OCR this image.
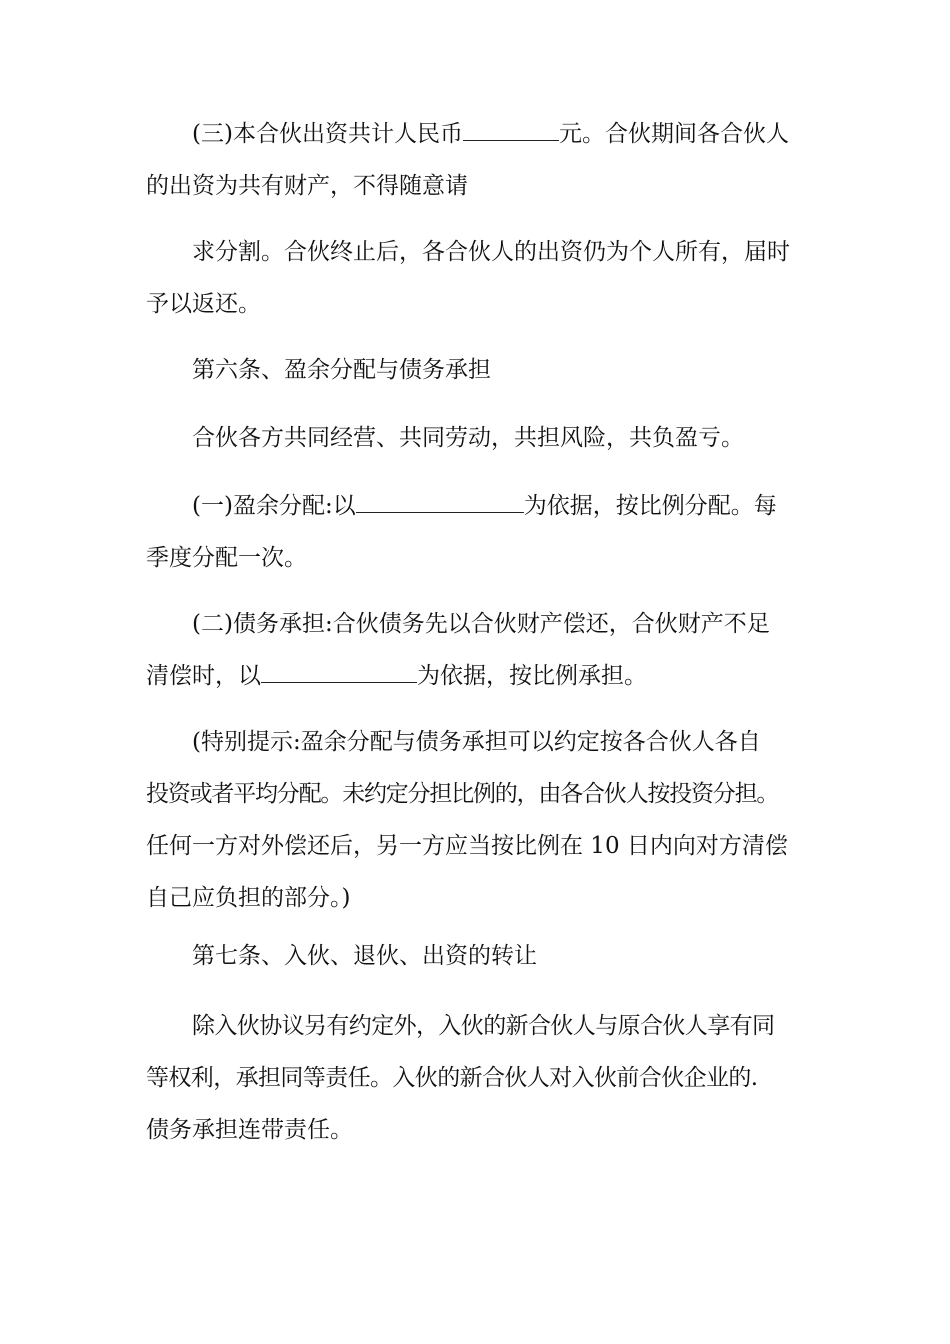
(三)本合伙出资共计人民币	元。合伙期间各合伙人
的出资为共有财产，不得随意请
求分割。合伙终止后，各合伙人的出资仍为个人所有，届时
予以返还。
第六条、盈余分配与债务承担
合伙各方共同经营、共同劳动，共担风险，共负盈亏。
(一)盈余分配:以	为依据，按比例分配。每
季度分配一次。
(二)债务承担:合伙债务先以合伙财产偿还，合伙财产不足
清偿时，以	为依据，按比例承担。
(特别提示:盈余分配与债务承担可以约定按各合伙人各自
投资或者平均分配。未约定分担比例的，由各合伙人按投资分担。
任何一方对外偿还后，另一方应当按比例在 10 日内向对方清偿
自己应负担的部分。)
第七条、入伙、退伙、出资的转让
除入伙协议另有约定外，入伙的新合伙人与原合伙人享有同
等权利，承担同等责任。入伙的新合伙人对入伙前合伙企业的.
债务承担连带责任。
